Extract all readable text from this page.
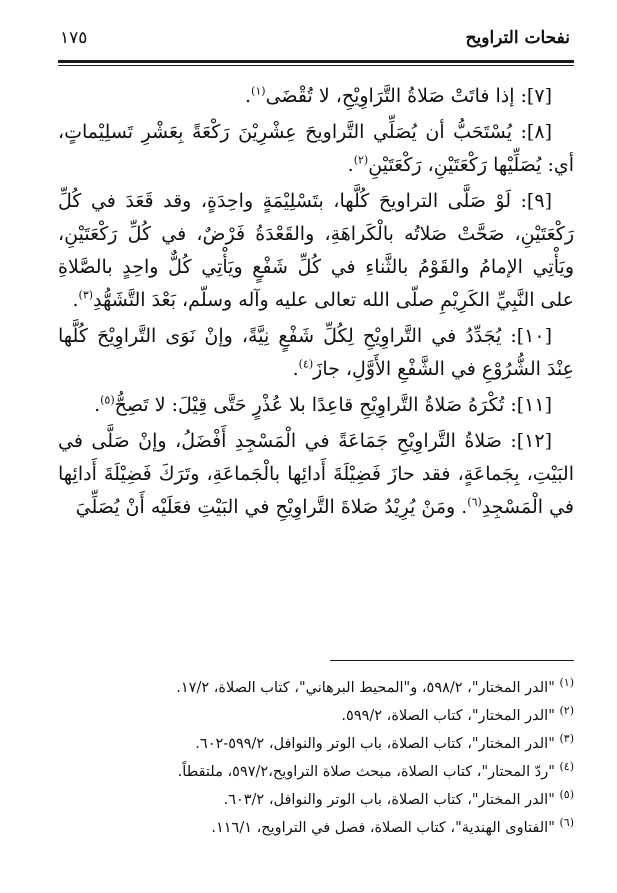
نفحات التراويح
١٧٥

[٧]: إذا فاتَتْ صَلاةُ التَّرَاوِيْحِ، لا تُقْضَى$^{(١)}$.

[٨]: يُسْتَحَبُّ أن يُصَلِّي التَّراويحَ عِشْرِيْنَ رَكْعَةً بِعَشْرِ تَسلِيْماتٍ، أي: يُصَلِّيْها رَكْعَتَيْنِ، رَكْعَتَيْنِ$^{(٢)}$.

[٩]: لَوْ صَلَّى التراويحَ كُلَّها، بتَسْلِيْمَةٍ واحِدَةٍ، وقد قَعَدَ في كُلِّ رَكْعَتَيْنِ، صَحَّتْ صَلاتُه بالْكَراهَةِ، والقَعْدَةُ فَرْضٌ، في كُلِّ رَكْعَتَيْنِ، ويَأْتِي الإمامُ والقَوْمُ بالثَّناءِ في كُلِّ شَفْعٍ ويَأْتِي كُلٌّ واحِدٍ بالصَّلاةِ على النَّبِيِّ الكَرِيْمِ صلّى الله تعالى عليه وآله وسلّم، بَعْدَ التَّشَهُّدِ$^{(٣)}$.

[١٠]: يُجَدِّدُ في التَّراوِيْحِ لِكُلِّ شَفْعٍ نِيَّةً، وإنْ نَوَى التَّراوِيْحَ كُلَّها عِنْدَ الشُّرُوْعِ في الشَّفْعِ الأَوَّلِ، جازَ$^{(٤)}$.

[١١]: تُكْرَهُ صَلاةُ التَّراوِيْحِ قاعِدًا بلا عُذْرٍ حَتَّى قِيْلَ: لا تَصِحُّ$^{(٥)}$.

[١٢]: صَلاةُ التَّراوِيْحِ جَمَاعَةً في الْمَسْجِدِ أَفْضَلُ، وإنْ صَلَّى في البَيْتِ، بِجَماعَةٍ، فقد حازَ فَضِيْلَةَ أَدائِها بالْجَماعَةِ، وتَرَكَ فَضِيْلَةَ أَدائِها في الْمَسْجِدِ$^{(٦)}$. ومَنْ يُرِيْدُ صَلاةَ التَّراوِيْحِ في البَيْتِ فعَلَيْه أَنْ يُصَلِّيَ

$^{(١)}$ "الدر المختار"، ٥٩٨/٢، و"المحيط البرهاني"، كتاب الصلاة، ١٧/٢.
$^{(٢)}$ "الدر المختار"، كتاب الصلاة، ٥٩٩/٢.
$^{(٣)}$ "الدر المختار"، كتاب الصلاة، باب الوتر والنوافل، ٥٩٩/٢-٦٠٢.
$^{(٤)}$ "ردّ المحتار"، كتاب الصلاة، مبحث صلاة التراويح،٥٩٧/٢، ملتقطاً.
$^{(٥)}$ "الدر المختار"، كتاب الصلاة، باب الوتر والنوافل، ٦٠٣/٢.
$^{(٦)}$ "الفتاوى الهندية"، كتاب الصلاة، فصل في التراويح، ١١٦/١.
